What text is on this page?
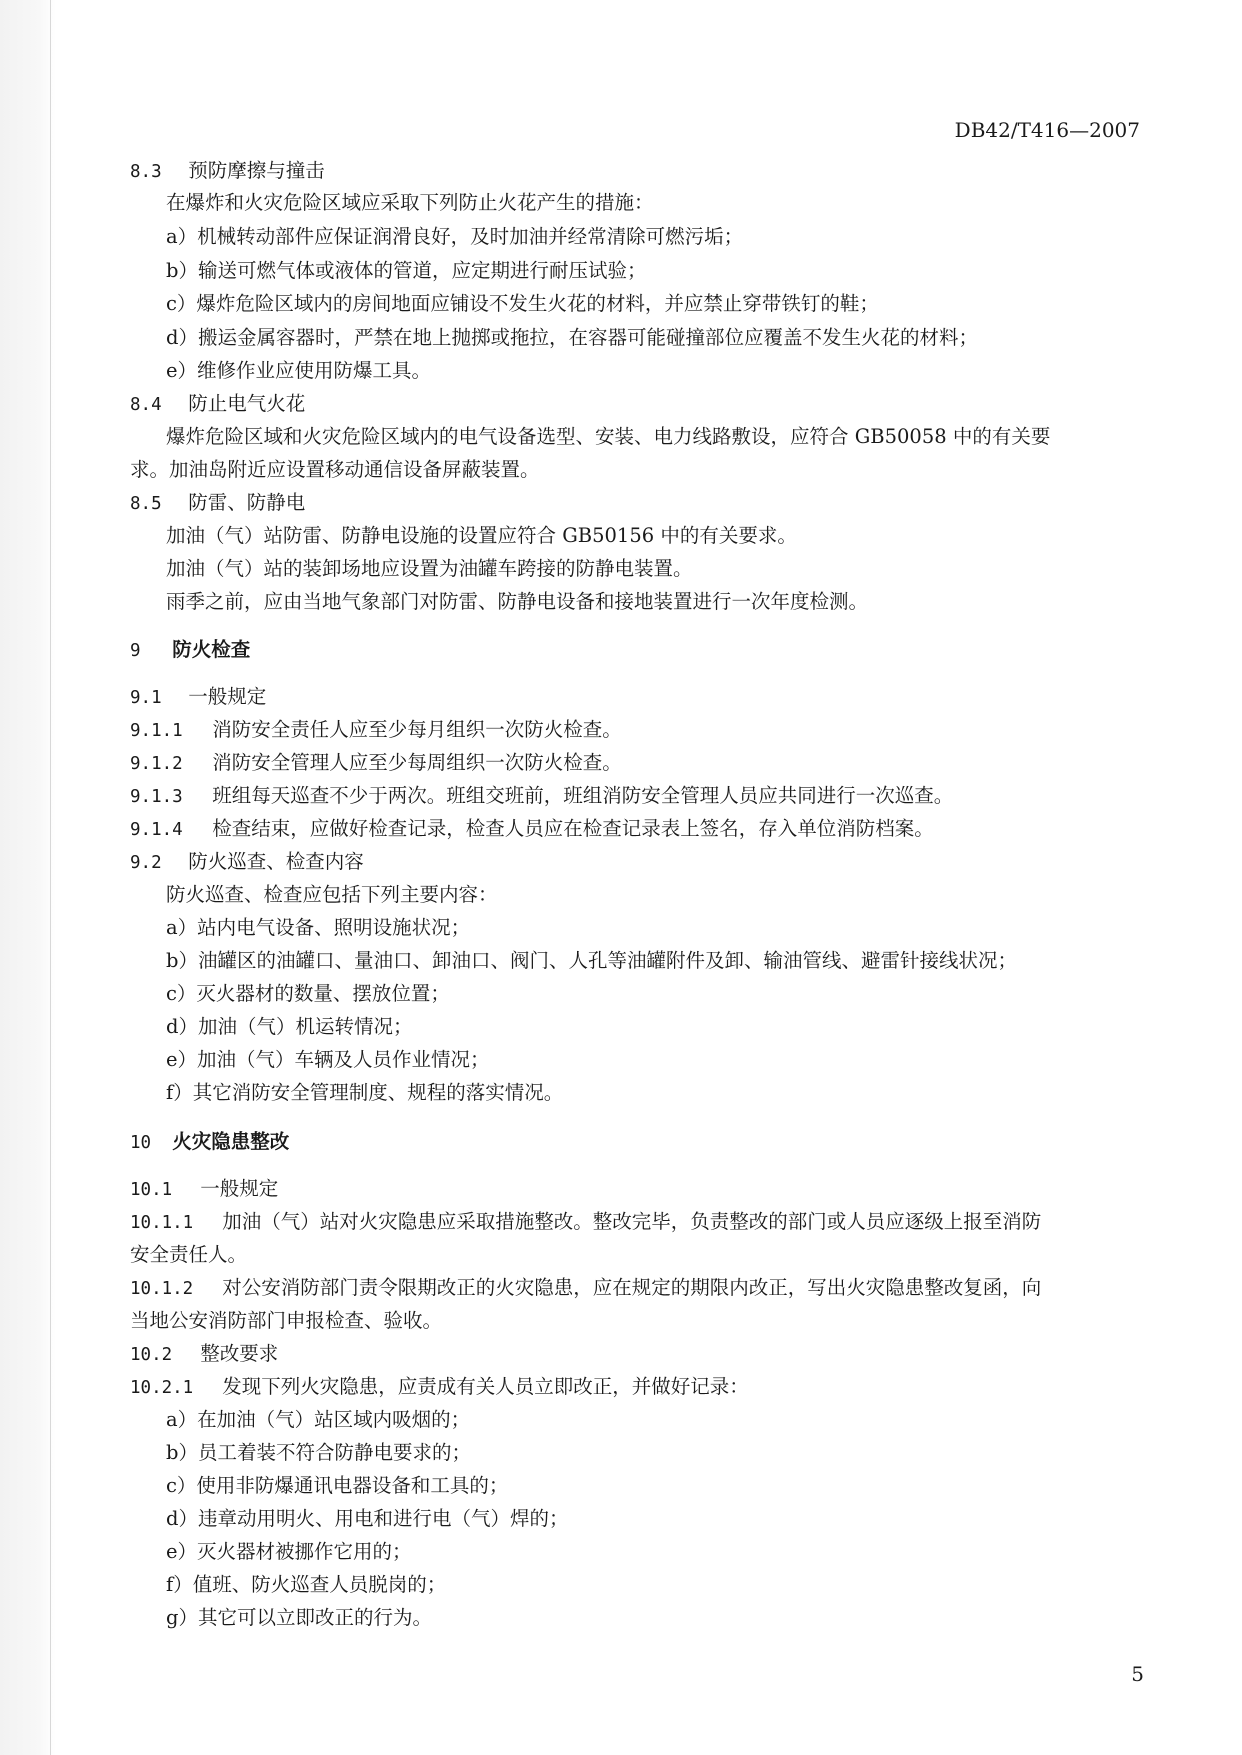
DB42/T416—2007
8.3 预防摩擦与撞击
在爆炸和火灾危险区域应采取下列防止火花产生的措施：
a）机械转动部件应保证润滑良好，及时加油并经常清除可燃污垢；
b）输送可燃气体或液体的管道，应定期进行耐压试验；
c）爆炸危险区域内的房间地面应铺设不发生火花的材料，并应禁止穿带铁钉的鞋；
d）搬运金属容器时，严禁在地上抛掷或拖拉，在容器可能碰撞部位应覆盖不发生火花的材料；
e）维修作业应使用防爆工具。
8.4 防止电气火花
爆炸危险区域和火灾危险区域内的电气设备选型、安装、电力线路敷设，应符合 GB50058 中的有关要
求。加油岛附近应设置移动通信设备屏蔽装置。
8.5 防雷、防静电
加油（气）站防雷、防静电设施的设置应符合 GB50156 中的有关要求。
加油（气）站的装卸场地应设置为油罐车跨接的防静电装置。
雨季之前，应由当地气象部门对防雷、防静电设备和接地装置进行一次年度检测。
9 防火检查
9.1 一般规定
9.1.1 消防安全责任人应至少每月组织一次防火检查。
9.1.2 消防安全管理人应至少每周组织一次防火检查。
9.1.3 班组每天巡查不少于两次。班组交班前，班组消防安全管理人员应共同进行一次巡查。
9.1.4 检查结束，应做好检查记录，检查人员应在检查记录表上签名，存入单位消防档案。
9.2 防火巡查、检查内容
防火巡查、检查应包括下列主要内容：
a）站内电气设备、照明设施状况；
b）油罐区的油罐口、量油口、卸油口、阀门、人孔等油罐附件及卸、输油管线、避雷针接线状况；
c）灭火器材的数量、摆放位置；
d）加油（气）机运转情况；
e）加油（气）车辆及人员作业情况；
f）其它消防安全管理制度、规程的落实情况。
10 火灾隐患整改
10.1 一般规定
10.1.1 加油（气）站对火灾隐患应采取措施整改。整改完毕，负责整改的部门或人员应逐级上报至消防
安全责任人。
10.1.2 对公安消防部门责令限期改正的火灾隐患，应在规定的期限内改正，写出火灾隐患整改复函，向
当地公安消防部门申报检查、验收。
10.2 整改要求
10.2.1 发现下列火灾隐患，应责成有关人员立即改正，并做好记录：
a）在加油（气）站区域内吸烟的；
b）员工着装不符合防静电要求的；
c）使用非防爆通讯电器设备和工具的；
d）违章动用明火、用电和进行电（气）焊的；
e）灭火器材被挪作它用的；
f）值班、防火巡查人员脱岗的；
g）其它可以立即改正的行为。
5
